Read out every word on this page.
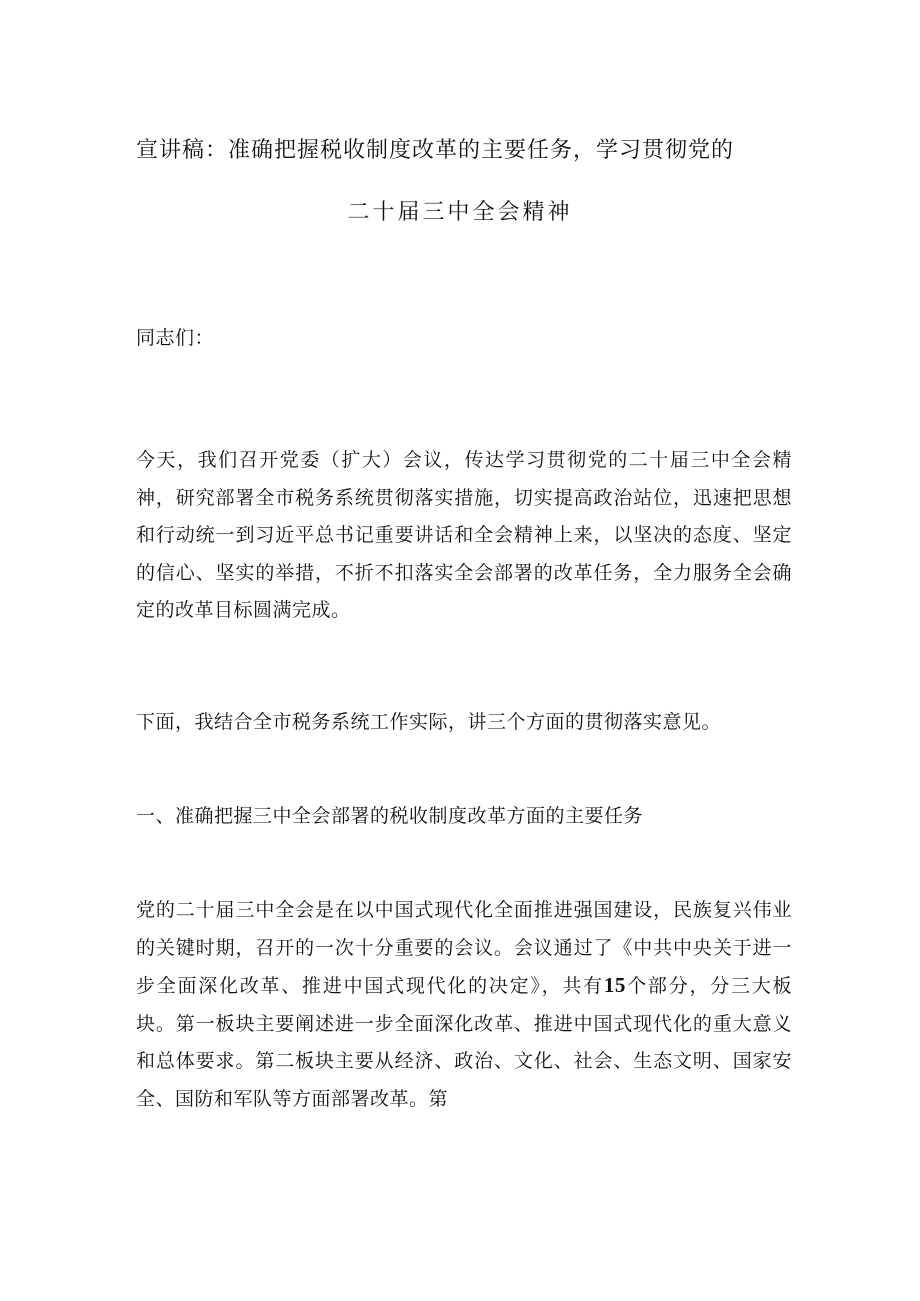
宣讲稿：准确把握税收制度改革的主要任务，学习贯彻党的
二十届三中全会精神
同志们：
今天，我们召开党委（扩大）会议，传达学习贯彻党的二十届三中全会精神，研究部署全市税务系统贯彻落实措施，切实提高政治站位，迅速把思想和行动统一到习近平总书记重要讲话和全会精神上来，以坚决的态度、坚定的信心、坚实的举措，不折不扣落实全会部署的改革任务，全力服务全会确定的改革目标圆满完成。
下面，我结合全市税务系统工作实际，讲三个方面的贯彻落实意见。
一、准确把握三中全会部署的税收制度改革方面的主要任务
党的二十届三中全会是在以中国式现代化全面推进强国建设，民族复兴伟业的关键时期，召开的一次十分重要的会议。会议通过了《中共中央关于进一步全面深化改革、推进中国式现代化的决定》，共有15个部分，分三大板块。第一板块主要阐述进一步全面深化改革、推进中国式现代化的重大意义和总体要求。第二板块主要从经济、政治、文化、社会、生态文明、国家安全、国防和军队等方面部署改革。第
